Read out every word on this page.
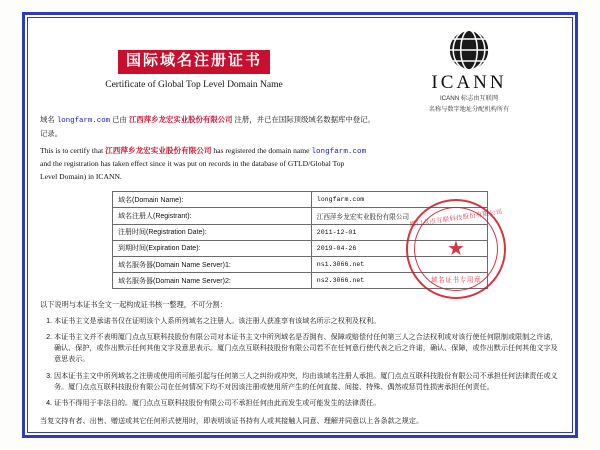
国际域名注册证书
Certificate of Global Top Level Domain Name	ICANN
ICANN 标志由互联网
名称与数字地址分配机构所有
域名 longfarm.com 已由 江西萍乡龙宏实业股份有限公司 注册，并已在国际顶级域名数据库中登记。
记录。
This is to certify that 江西萍乡龙宏实业股份有限公司 has registered the domain name longfarm.com
and the registration has taken effect since it was put on records in the database of GTLD/Global Top
Level Domain) in ICANN.
域名(Domain Name):	longfarm.com
域名注册人(Registrant):	江西萍乡龙宏实业股份有限公司
注册时间(Registration Date):	2011-12-01
到期时间(Expiration Date):	2019-04-26
域名服务器(Domain Name Server)1:	ns1.3066.net
域名服务器(Domain Name Server)2:	ns2.3066.net
厦门点点互联科技股份有限公司
★
域名证书专用章
以下说明与本证书全文一起构成证书核一整理，不可分割：
1. 本证书主文是承诺书仅在证明该个人系所列域名之注册人。该注册人获准享有该域名所示之权利及权利。
2. 本证书主文并不表明厦门点点互联科技股份有限公司对本证书主文中所列域名是否拥有、保障或赔偿付任何第三人之合法权利或对该行使任何限制或限制之许诺，确认、保护，或作出默示任何其他文字及意思表示。厦门点点互联科技股份有限公司若不在任何意行使代表之后之许诺，确认、保障，或作出默示任何其他文字及意思表示。
3. 因本证书主文中所列域名之注册或使用所可能引起与任何第三人之纠纷或冲突，均由该域名注册人承担。厦门点点互联科技股份有限公司不承担任何法律责任或义务。厦门点点互联科技股份有限公司在任何情况下均不对因该注册或使用所产生的任何直接、间接、特殊、偶然或惩罚性损害承担任何责任。
4. 证书不得用于非法目的。厦门点点互联科技股份有限公司不承担任何由此而发生或可能发生的法律责任。
当复文持有者、出售、赠送或其它任何形式使用时，即表明该证书持有人或其接触人同意、理解并同意以上各条款之规定。
